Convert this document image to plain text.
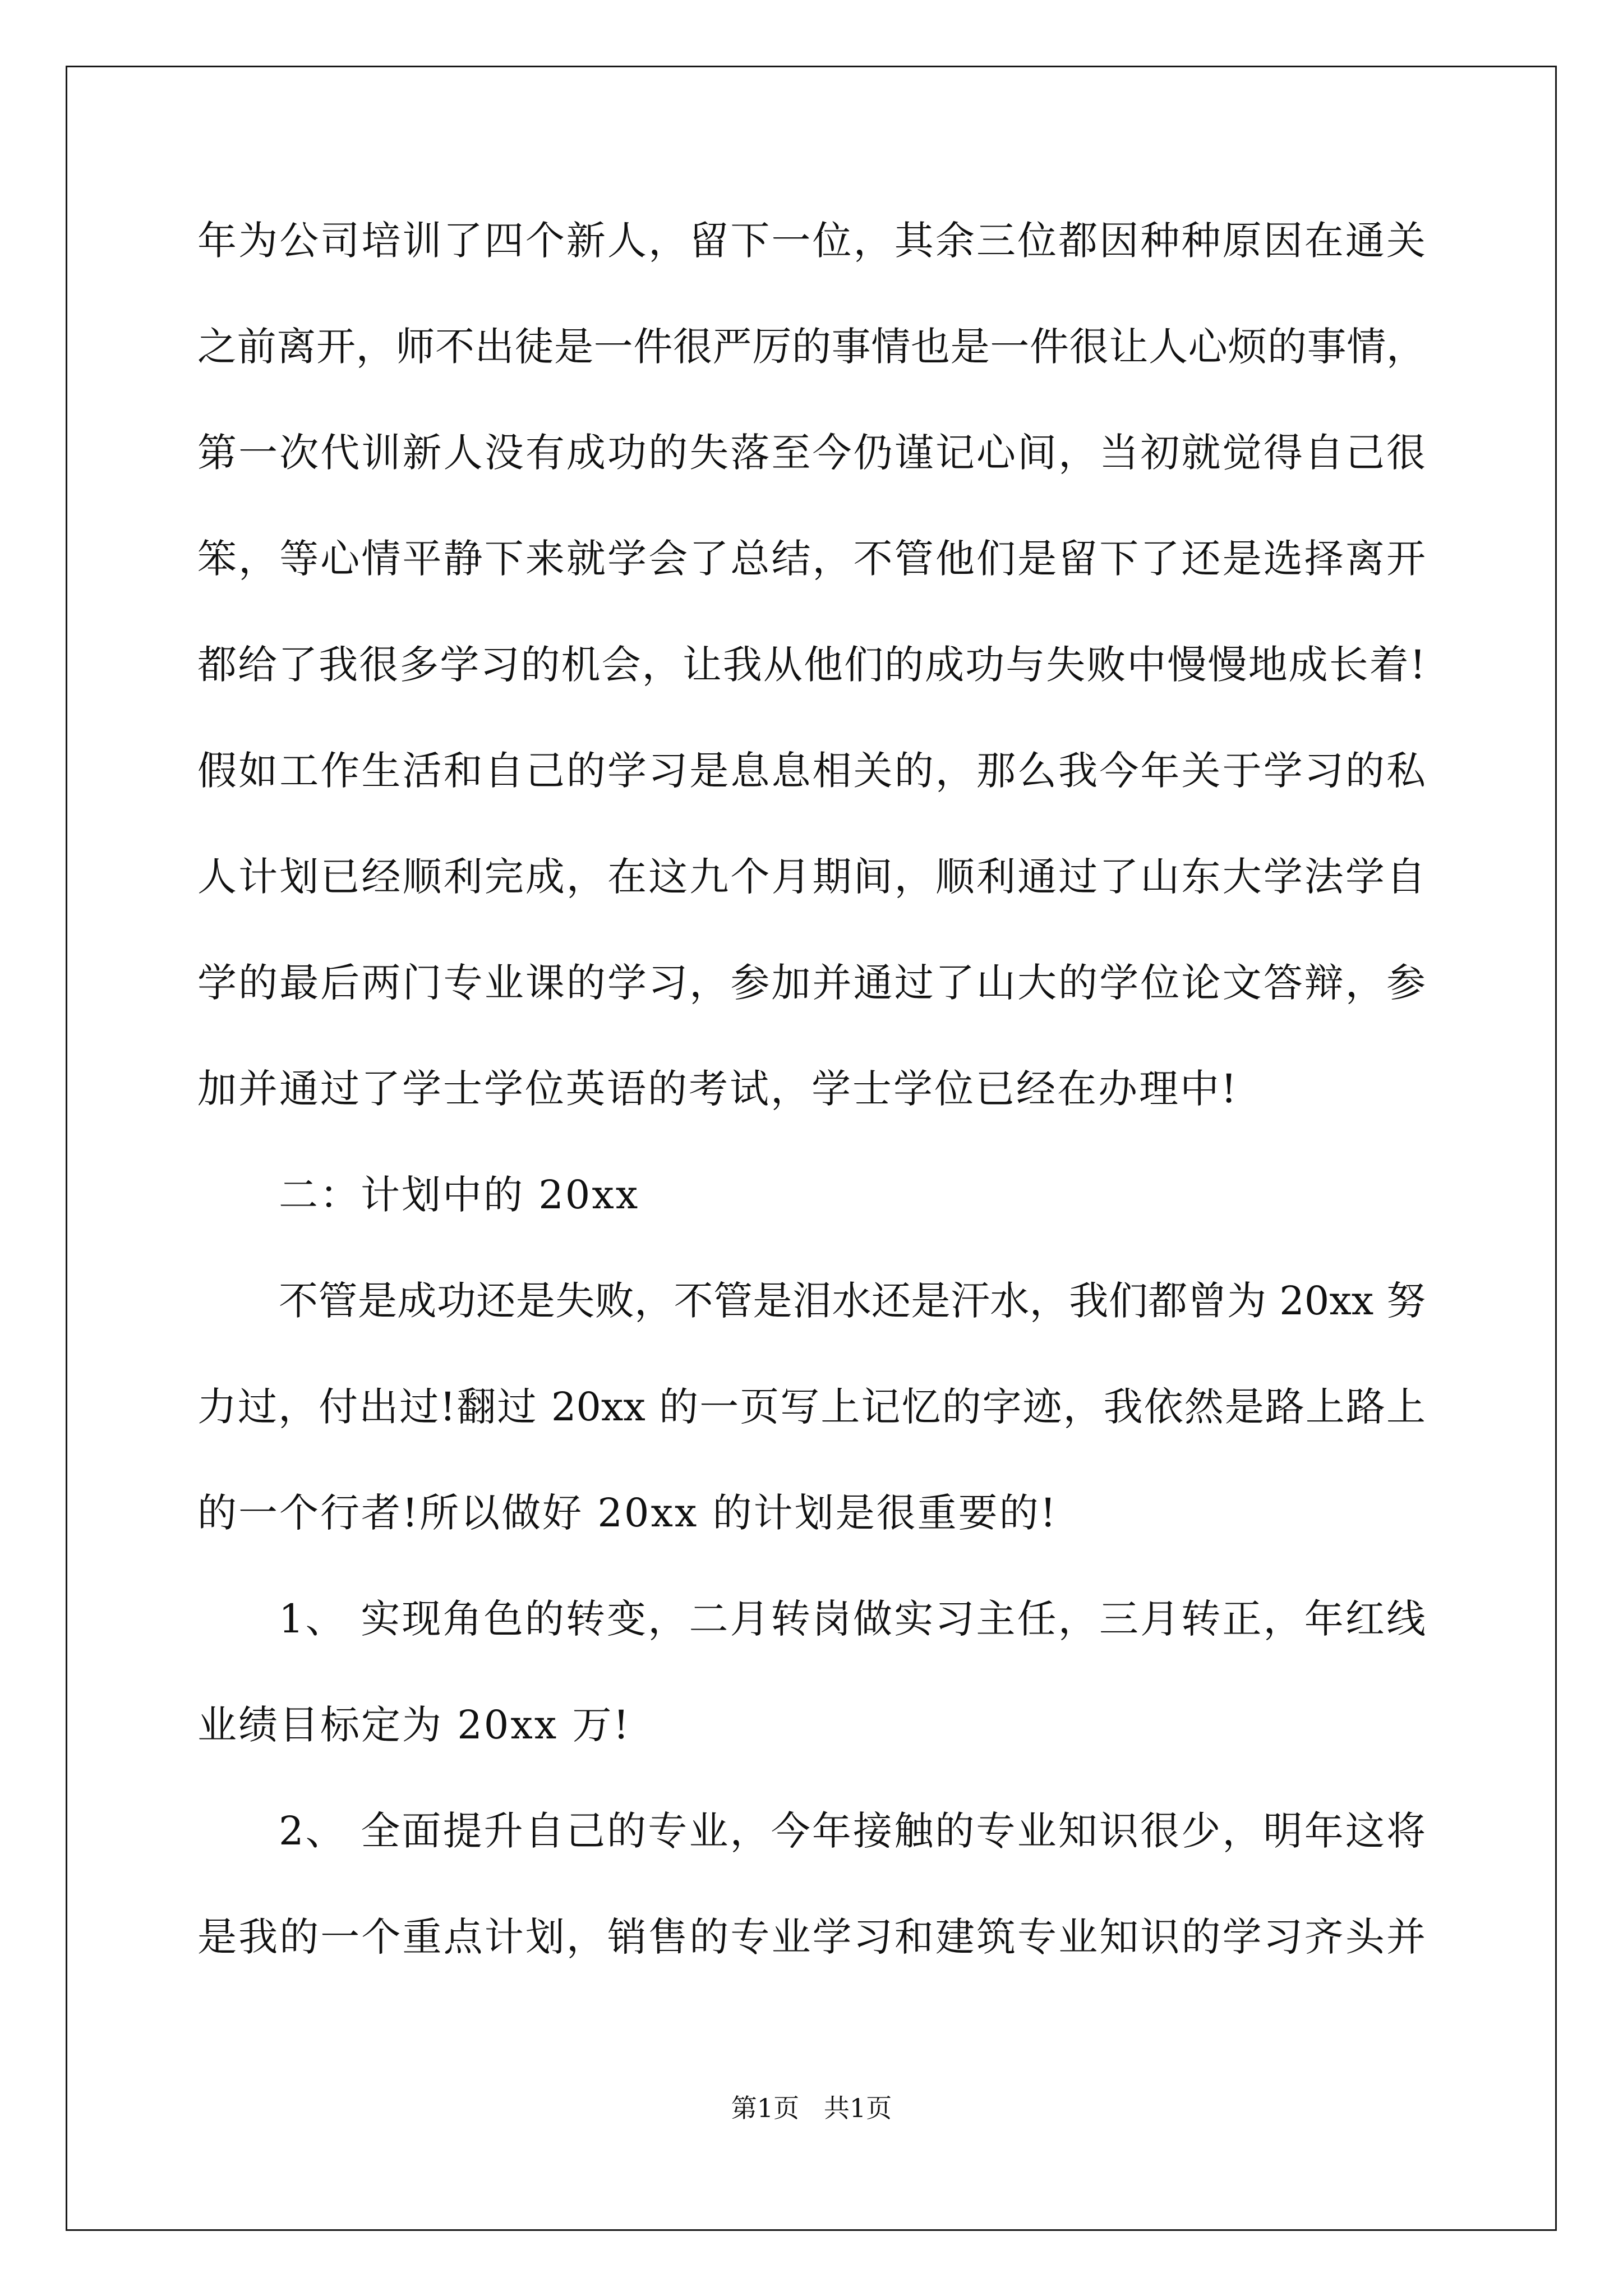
年为公司培训了四个新人，留下一位，其余三位都因种种原因在通关
之前离开，师不出徒是一件很严厉的事情也是一件很让人心烦的事情，
第一次代训新人没有成功的失落至今仍谨记心间，当初就觉得自己很
笨，等心情平静下来就学会了总结，不管他们是留下了还是选择离开
都给了我很多学习的机会，让我从他们的成功与失败中慢慢地成长着!
假如工作生活和自己的学习是息息相关的，那么我今年关于学习的私
人计划已经顺利完成，在这九个月期间，顺利通过了山东大学法学自
学的最后两门专业课的学习，参加并通过了山大的学位论文答辩，参
加并通过了学士学位英语的考试，学士学位已经在办理中!
二：计划中的 20xx
不管是成功还是失败，不管是泪水还是汗水，我们都曾为 20xx 努
力过，付出过!翻过 20xx 的一页写上记忆的字迹，我依然是路上路上
的一个行者!所以做好 20xx 的计划是很重要的!
1、 实现角色的转变，二月转岗做实习主任，三月转正，年红线
业绩目标定为 20xx 万!
2、 全面提升自己的专业，今年接触的专业知识很少，明年这将
是我的一个重点计划，销售的专业学习和建筑专业知识的学习齐头并
第1页   共1页
